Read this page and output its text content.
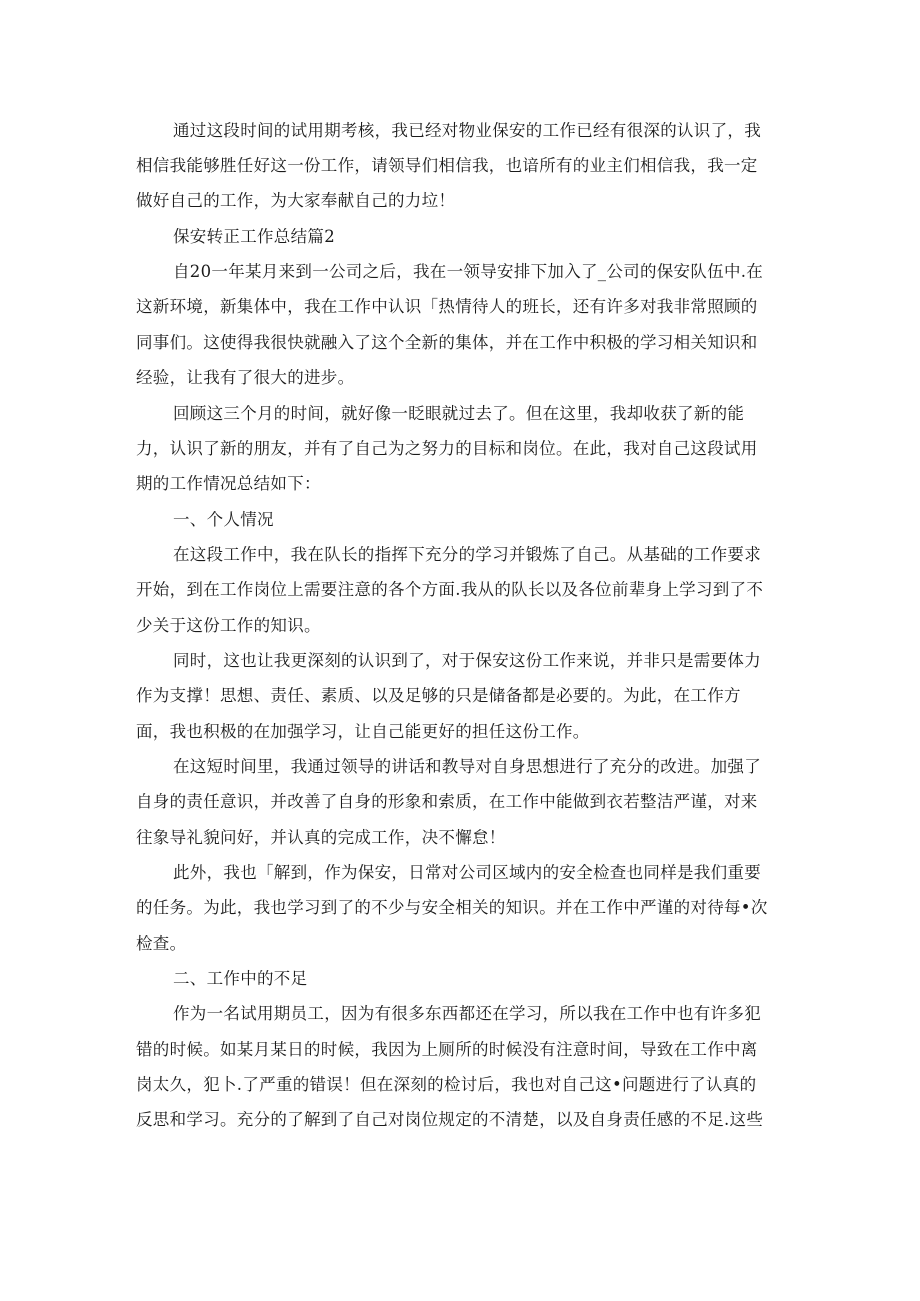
通过这段时间的试用期考核，我已经对物业保安的工作已经有很深的认识了，我
相信我能够胜任好这一份工作，请领导们相信我，也谙所有的业主们相信我，我一定
做好自己的工作，为大家奉献自己的力垃！
保安转正工作总结篇2
自20一年某月来到一公司之后，我在一领导安排下加入了_公司的保安队伍中.在
这新环境，新集体中，我在工作中认识「热情待人的班长，还有许多对我非常照顾的
同事们。这使得我很快就融入了这个全新的集体，并在工作中积极的学习相关知识和
经验，让我有了很大的进步。
回顾这三个月的时间，就好像一眨眼就过去了。但在这里，我却收获了新的能
力，认识了新的朋友，并有了自己为之努力的目标和岗位。在此，我对自己这段试用
期的工作情况总结如下：
一、个人情况
在这段工作中，我在队长的指挥下充分的学习并锻炼了自己。从基础的工作要求
开始，到在工作岗位上需要注意的各个方面.我从的队长以及各位前辈身上学习到了不
少关于这份工作的知识。
同时，这也让我更深刻的认识到了，对于保安这份工作来说，并非只是需要体力
作为支撑！思想、责任、素质、以及足够的只是储备都是必要的。为此，在工作方
面，我也积极的在加强学习，让自己能更好的担任这份工作。
在这短时间里，我通过领导的讲话和教导对自身思想进行了充分的改进。加强了
自身的责任意识，并改善了自身的形象和索质，在工作中能做到衣若整洁严谨，对来
往象导礼貌问好，并认真的完成工作，决不懈怠！
此外，我也「解到，作为保安，日常对公司区域内的安全检查也同样是我们重要
的任务。为此，我也学习到了的不少与安全相关的知识。并在工作中严谨的对待每•次
检查。
二、工作中的不足
作为一名试用期员工，因为有很多东西都还在学习，所以我在工作中也有许多犯
错的时候。如某月某日的时候，我因为上厕所的时候没有注意时间，导致在工作中离
岗太久，犯卜.了严重的错误！但在深刻的检讨后，我也对自己这•问题进行了认真的
反思和学习。充分的了解到了自己对岗位规定的不清楚，以及自身责任感的不足.这些
